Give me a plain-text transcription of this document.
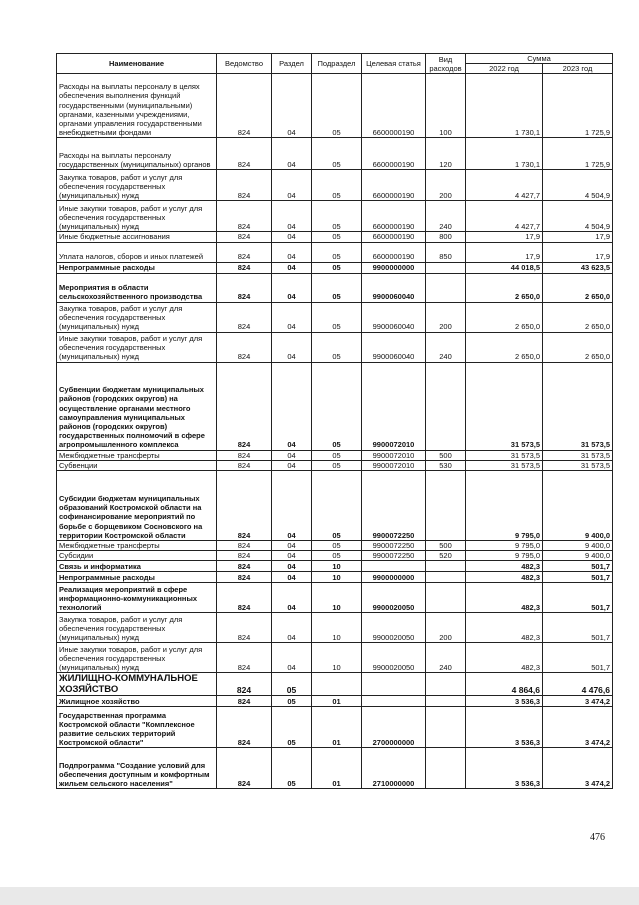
Наименование	Ведомство	Раздел	Подраздел	Целевая статья	Вид расходов	Сумма	
						2022 год	2023 год
Расходы на выплаты персоналу в целях обеспечения выполнения функций государственными (муниципальными) органами, казенными учреждениями, органами управления государственными внебюджетными фондами	824	04	05	6600000190	100	1 730,1	1 725,9
Расходы на выплаты персоналу государственных (муниципальных) органов	824	04	05	6600000190	120	1 730,1	1 725,9
Закупка товаров, работ и услуг для обеспечения государственных (муниципальных) нужд	824	04	05	6600000190	200	4 427,7	4 504,9
Иные закупки товаров, работ и услуг для обеспечения государственных (муниципальных) нужд	824	04	05	6600000190	240	4 427,7	4 504,9
Иные бюджетные ассигнования	824	04	05	6600000190	800	17,9	17,9
Уплата налогов, сборов и иных платежей	824	04	05	6600000190	850	17,9	17,9
Непрограммные расходы	824	04	05	9900000000		44 018,5	43 623,5
Мероприятия в области сельскохозяйственного производства	824	04	05	9900060040		2 650,0	2 650,0
Закупка товаров, работ и услуг для обеспечения государственных (муниципальных) нужд	824	04	05	9900060040	200	2 650,0	2 650,0
Иные закупки товаров, работ и услуг для обеспечения государственных (муниципальных) нужд	824	04	05	9900060040	240	2 650,0	2 650,0
Субвенции бюджетам муниципальных районов (городских округов) на осуществление органами местного самоуправления муниципальных районов (городских округов) государственных полномочий в сфере агропромышленного комплекса	824	04	05	9900072010		31 573,5	31 573,5
Межбюджетные трансферты	824	04	05	9900072010	500	31 573,5	31 573,5
Субвенции	824	04	05	9900072010	530	31 573,5	31 573,5
Субсидии бюджетам муниципальных образований Костромской области на софинансирование мероприятий по борьбе с борщевиком Сосновского на территории Костромской области	824	04	05	9900072250		9 795,0	9 400,0
Межбюджетные трансферты	824	04	05	9900072250	500	9 795,0	9 400,0
Субсидии	824	04	05	9900072250	520	9 795,0	9 400,0
Связь и информатика	824	04	10			482,3	501,7
Непрограммные расходы	824	04	10	9900000000		482,3	501,7
Реализация мероприятий в сфере информационно-коммуникационных технологий	824	04	10	9900020050		482,3	501,7
Закупка товаров, работ и услуг для обеспечения государственных (муниципальных) нужд	824	04	10	9900020050	200	482,3	501,7
Иные закупки товаров, работ и услуг для обеспечения государственных (муниципальных) нужд	824	04	10	9900020050	240	482,3	501,7
ЖИЛИЩНО-КОММУНАЛЬНОЕ ХОЗЯЙСТВО	824	05				4 864,6	4 476,6
Жилищное хозяйство	824	05	01			3 536,3	3 474,2
Государственная программа Костромской области "Комплексное развитие сельских территорий Костромской области"	824	05	01	2700000000		3 536,3	3 474,2
Подпрограмма "Создание условий для обеспечения доступным и комфортным жильем сельского населения"	824	05	01	2710000000		3 536,3	3 474,2
476
